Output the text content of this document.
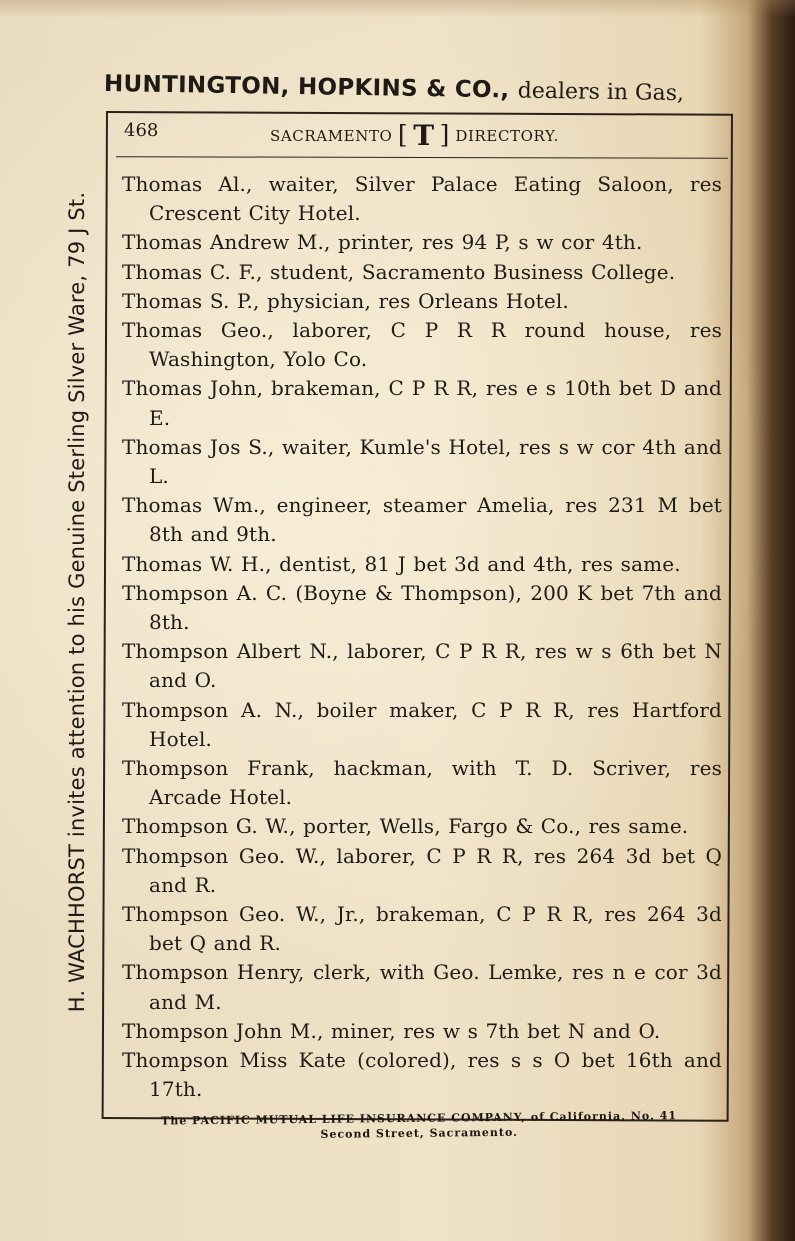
HUNTINGTON, HOPKINS & CO., dealers in Gas,
H. WACHHORST invites attention to his Genuine Sterling Silver Ware, 79 J St.
468	SACRAMENTO [ T ] DIRECTORY.
Thomas Al., waiter, Silver Palace Eating Saloon, res Crescent City Hotel.
Thomas Andrew M., printer, res 94 P, s w cor 4th.
Thomas C. F., student, Sacramento Business College.
Thomas S. P., physician, res Orleans Hotel.
Thomas Geo., laborer, C P R R round house, res Washington, Yolo Co.
Thomas John, brakeman, C P R R, res e s 10th bet D and E.
Thomas Jos S., waiter, Kumle's Hotel, res s w cor 4th and L.
Thomas Wm., engineer, steamer Amelia, res 231 M bet 8th and 9th.
Thomas W. H., dentist, 81 J bet 3d and 4th, res same.
Thompson A. C. (Boyne & Thompson), 200 K bet 7th and 8th.
Thompson Albert N., laborer, C P R R, res w s 6th bet N and O.
Thompson A. N., boiler maker, C P R R, res Hartford Hotel.
Thompson Frank, hackman, with T. D. Scriver, res Arcade Hotel.
Thompson G. W., porter, Wells, Fargo & Co., res same.
Thompson Geo. W., laborer, C P R R, res 264 3d bet Q and R.
Thompson Geo. W., Jr., brakeman, C P R R, res 264 3d bet Q and R.
Thompson Henry, clerk, with Geo. Lemke, res n e cor 3d and M.
Thompson John M., miner, res w s 7th bet N and O.
Thompson Miss Kate (colored), res s s O bet 16th and 17th.
The PACIFIC MUTUAL LIFE INSURANCE COMPANY, of California, No. 41
Second Street, Sacramento.
